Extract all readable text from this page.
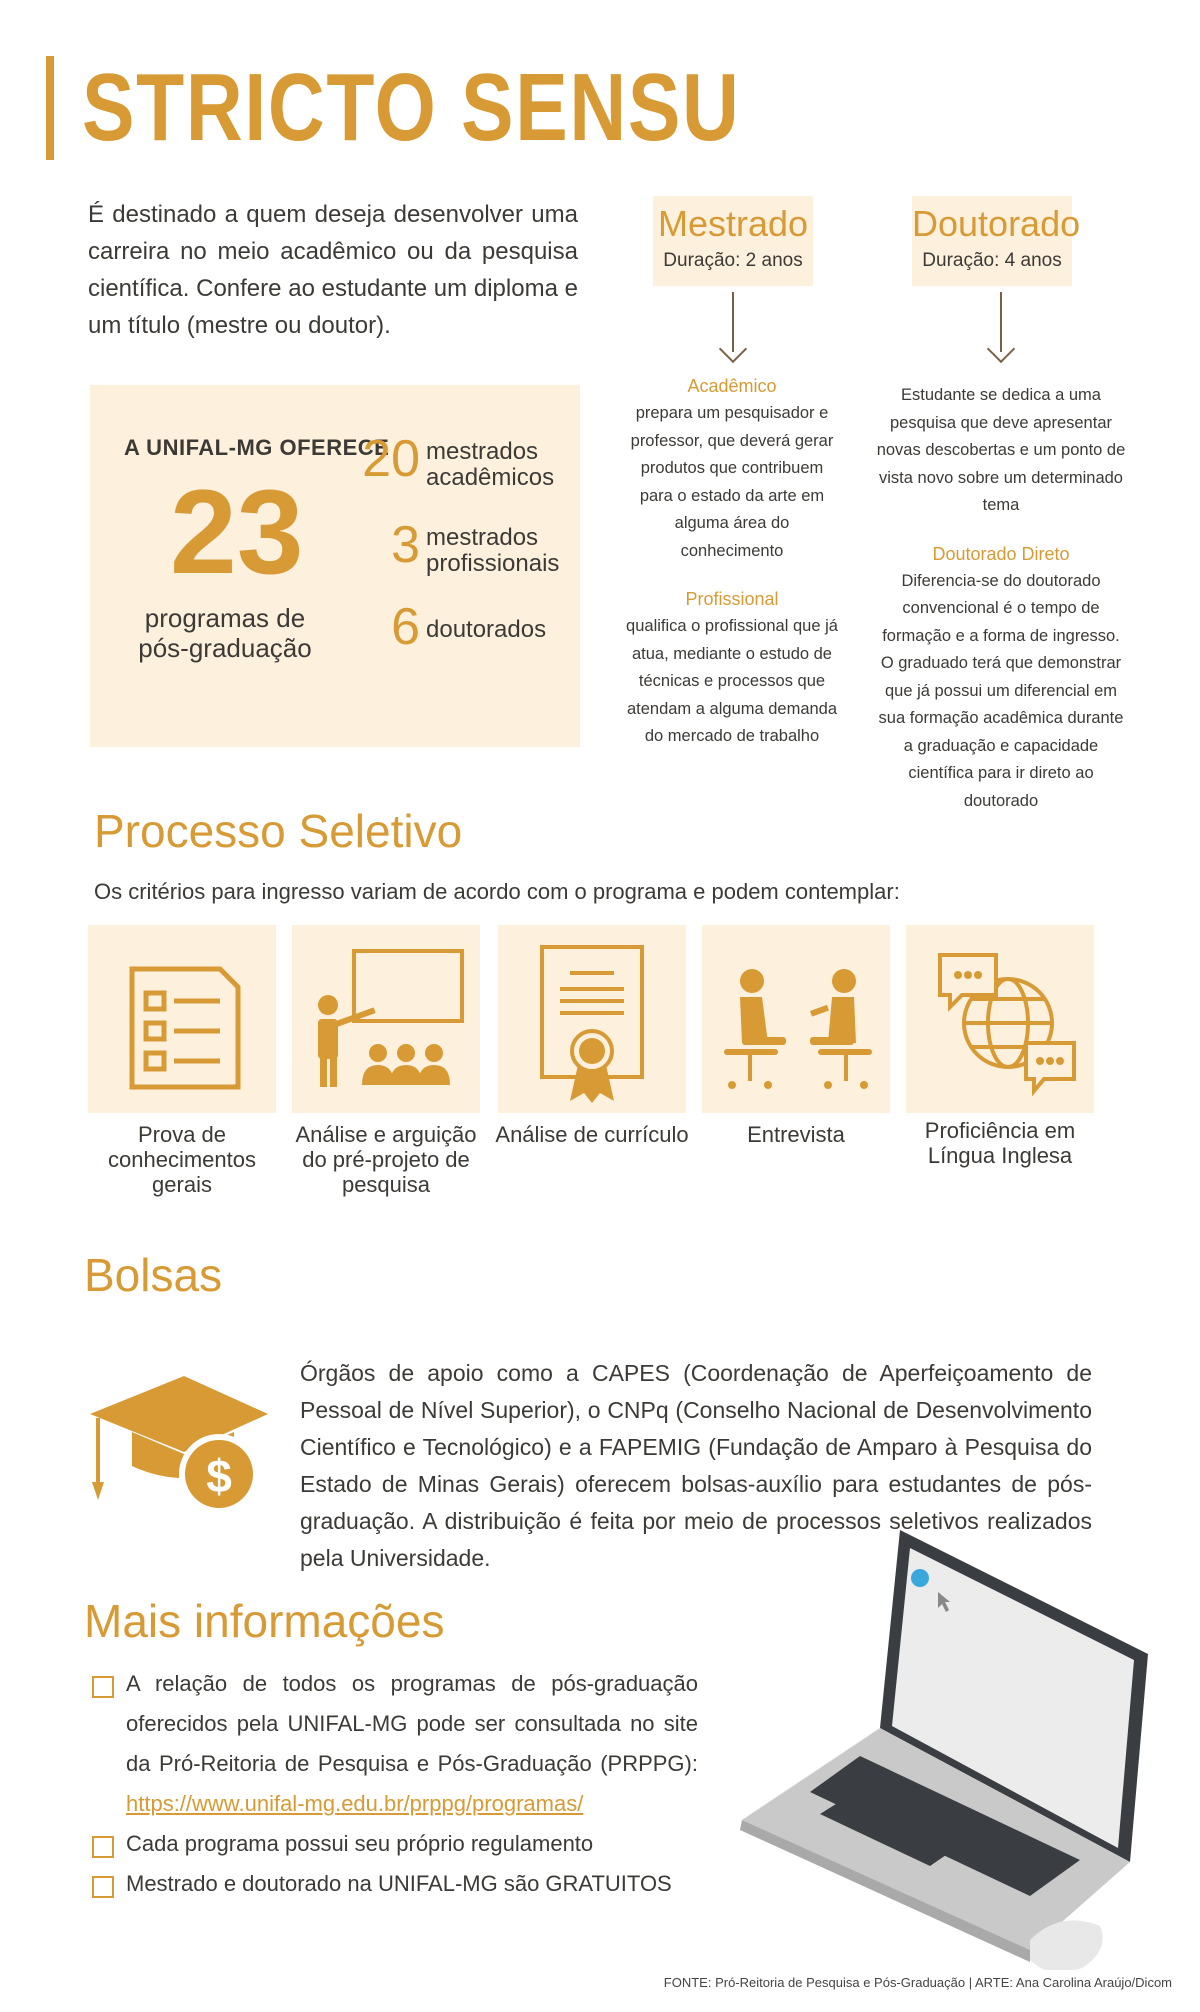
STRICTO SENSU
É destinado a quem deseja desenvolver uma carreira no meio acadêmico ou da pesquisa científica. Confere ao estudante um diploma e um título (mestre ou doutor).
A UNIFAL-MG OFERECE
23
programas de pós-graduação
20 mestrados
acadêmicos
3 mestrados
profissionais
6 doutorados
Mestrado
Duração: 2 anos
Doutorado
Duração: 4 anos
Acadêmico
prepara um pesquisador e professor, que deverá gerar produtos que contribuem para o estado da arte em alguma área do conhecimento
Profissional
qualifica o profissional que já atua, mediante o estudo de técnicas e processos que atendam a alguma demanda do mercado de trabalho
Estudante se dedica a uma pesquisa que deve apresentar novas descobertas e um ponto de vista novo sobre um determinado tema
Doutorado Direto
Diferencia-se do doutorado convencional é o tempo de formação e a forma de ingresso. O graduado terá que demonstrar que já possui um diferencial em sua formação acadêmica durante a graduação e capacidade científica para ir direto ao doutorado
Processo Seletivo
Os critérios para ingresso variam de acordo com o programa e podem contemplar:
Prova de conhecimentos gerais
Análise e arguição do pré-projeto de pesquisa
Análise de currículo	Entrevista	Proficiência em Língua Inglesa
Bolsas
$
Órgãos de apoio como a CAPES (Coordenação de Aperfeiçoamento de Pessoal de Nível Superior), o CNPq (Conselho Nacional de Desenvolvimento Científico e Tecnológico) e a FAPEMIG (Fundação de Amparo à Pesquisa do Estado de Minas Gerais) oferecem bolsas-auxílio para estudantes de pós-graduação. A distribuição é feita por meio de processos seletivos realizados pela Universidade.
Mais informações
A relação de todos os programas de pós-graduação oferecidos pela UNIFAL-MG pode ser consultada no site da Pró-Reitoria de Pesquisa e Pós-Graduação (PRPPG): https://www.unifal-mg.edu.br/prppg/programas/
Cada programa possui seu próprio regulamento
Mestrado e doutorado na UNIFAL-MG são GRATUITOS
FONTE: Pró-Reitoria de Pesquisa e Pós-Graduação | ARTE: Ana Carolina Araújo/Dicom
